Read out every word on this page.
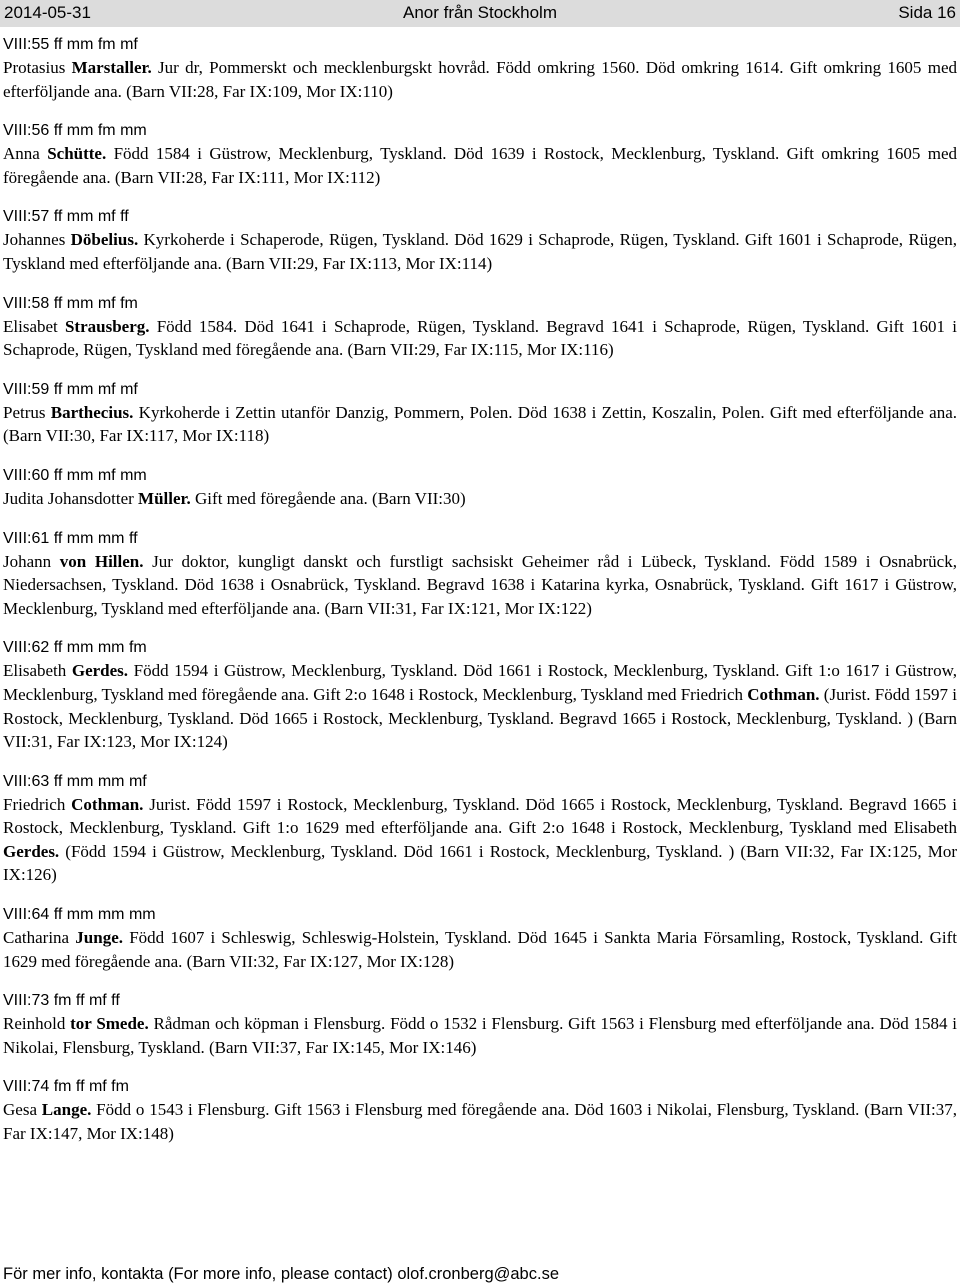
2014-05-31	Anor från Stockholm	Sida 16
VIII:55 ff mm fm mf
Protasius Marstaller. Jur dr, Pommerskt och mecklenburgskt hovråd. Född omkring 1560. Död omkring 1614. Gift omkring 1605 med efterföljande ana. (Barn VII:28, Far IX:109, Mor IX:110)
VIII:56 ff mm fm mm
Anna Schütte. Född 1584 i Güstrow, Mecklenburg, Tyskland. Död 1639 i Rostock, Mecklenburg, Tyskland. Gift omkring 1605 med föregående ana. (Barn VII:28, Far IX:111, Mor IX:112)
VIII:57 ff mm mf ff
Johannes Döbelius. Kyrkoherde i Schaperode, Rügen, Tyskland. Död 1629 i Schaprode, Rügen, Tyskland. Gift 1601 i Schaprode, Rügen, Tyskland med efterföljande ana. (Barn VII:29, Far IX:113, Mor IX:114)
VIII:58 ff mm mf fm
Elisabet Strausberg. Född 1584. Död 1641 i Schaprode, Rügen, Tyskland. Begravd 1641 i Schaprode, Rügen, Tyskland. Gift 1601 i Schaprode, Rügen, Tyskland med föregående ana. (Barn VII:29, Far IX:115, Mor IX:116)
VIII:59 ff mm mf mf
Petrus Barthecius. Kyrkoherde i Zettin utanför Danzig, Pommern, Polen. Död 1638 i Zettin, Koszalin, Polen. Gift med efterföljande ana. (Barn VII:30, Far IX:117, Mor IX:118)
VIII:60 ff mm mf mm
Judita Johansdotter Müller. Gift med föregående ana. (Barn VII:30)
VIII:61 ff mm mm ff
Johann von Hillen. Jur doktor, kungligt danskt och furstligt sachsiskt Geheimer råd i Lübeck, Tyskland. Född 1589 i Osnabrück, Niedersachsen, Tyskland. Död 1638 i Osnabrück, Tyskland. Begravd 1638 i Katarina kyrka, Osnabrück, Tyskland. Gift 1617 i Güstrow, Mecklenburg, Tyskland med efterföljande ana. (Barn VII:31, Far IX:121, Mor IX:122)
VIII:62 ff mm mm fm
Elisabeth Gerdes. Född 1594 i Güstrow, Mecklenburg, Tyskland. Död 1661 i Rostock, Mecklenburg, Tyskland. Gift 1:o 1617 i Güstrow, Mecklenburg, Tyskland med föregående ana. Gift 2:o 1648 i Rostock, Mecklenburg, Tyskland med Friedrich Cothman. (Jurist. Född 1597 i Rostock, Mecklenburg, Tyskland. Död 1665 i Rostock, Mecklenburg, Tyskland. Begravd 1665 i Rostock, Mecklenburg, Tyskland. ) (Barn VII:31, Far IX:123, Mor IX:124)
VIII:63 ff mm mm mf
Friedrich Cothman. Jurist. Född 1597 i Rostock, Mecklenburg, Tyskland. Död 1665 i Rostock, Mecklenburg, Tyskland. Begravd 1665 i Rostock, Mecklenburg, Tyskland. Gift 1:o 1629 med efterföljande ana. Gift 2:o 1648 i Rostock, Mecklenburg, Tyskland med Elisabeth Gerdes. (Född 1594 i Güstrow, Mecklenburg, Tyskland. Död 1661 i Rostock, Mecklenburg, Tyskland. ) (Barn VII:32, Far IX:125, Mor IX:126)
VIII:64 ff mm mm mm
Catharina Junge. Född 1607 i Schleswig, Schleswig-Holstein, Tyskland. Död 1645 i Sankta Maria Församling, Rostock, Tyskland. Gift 1629 med föregående ana. (Barn VII:32, Far IX:127, Mor IX:128)
VIII:73 fm ff mf ff
Reinhold tor Smede. Rådman och köpman i Flensburg. Född o 1532 i Flensburg. Gift 1563 i Flensburg med efterföljande ana. Död 1584 i Nikolai, Flensburg, Tyskland. (Barn VII:37, Far IX:145, Mor IX:146)
VIII:74 fm ff mf fm
Gesa Lange. Född o 1543 i Flensburg. Gift 1563 i Flensburg med föregående ana. Död 1603 i Nikolai, Flensburg, Tyskland. (Barn VII:37, Far IX:147, Mor IX:148)
För mer info, kontakta (For more info, please contact) olof.cronberg@abc.se
